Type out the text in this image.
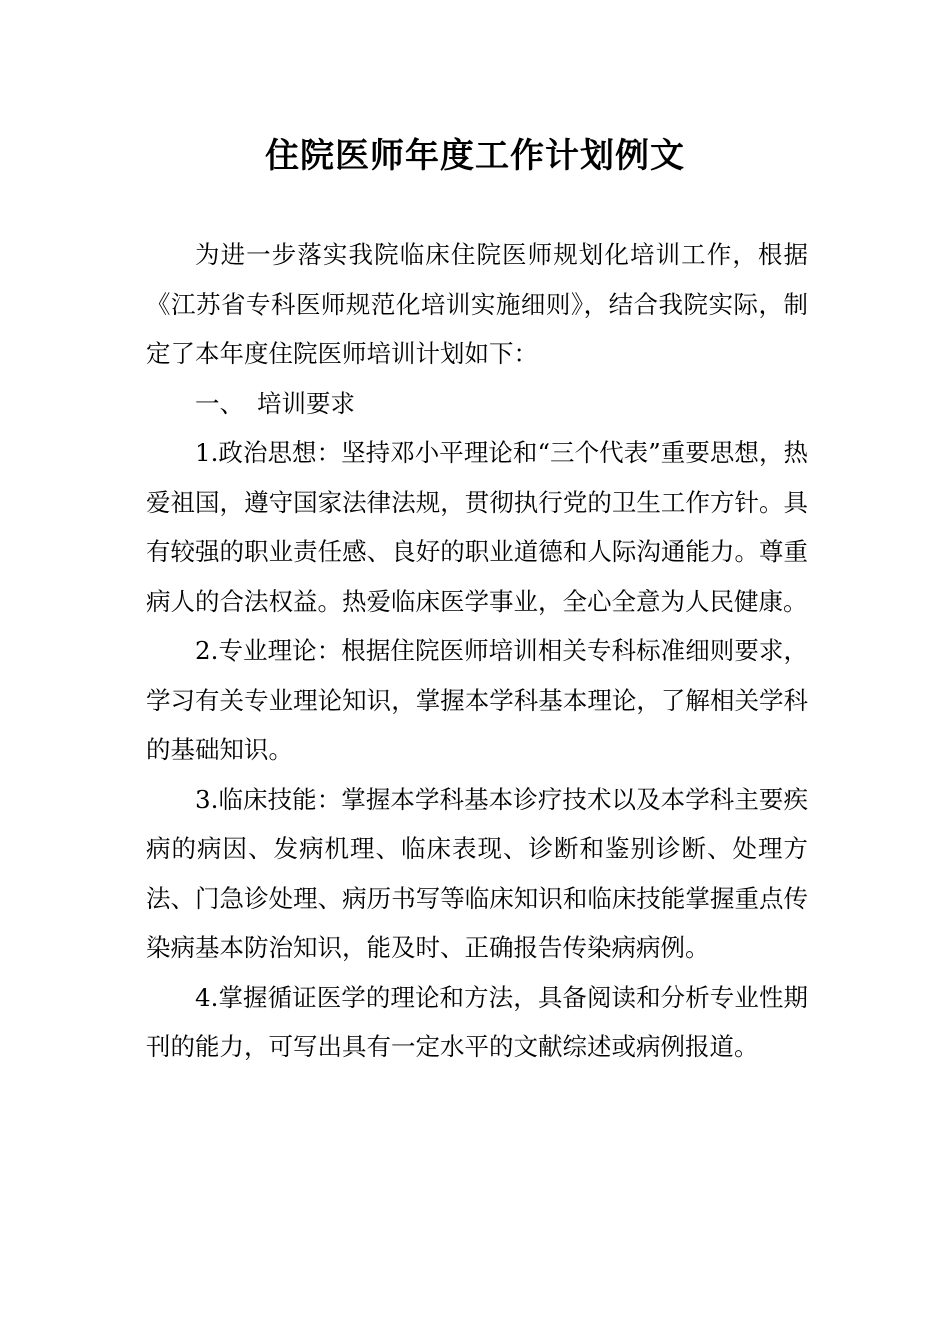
住院医师年度工作计划例文

为进一步落实我院临床住院医师规划化培训工作，根据《江苏省专科医师规范化培训实施细则》，结合我院实际，制定了本年度住院医师培训计划如下：

一、 培训要求

1.政治思想：坚持邓小平理论和“三个代表”重要思想，热爱祖国，遵守国家法律法规，贯彻执行党的卫生工作方针。具有较强的职业责任感、良好的职业道德和人际沟通能力。尊重病人的合法权益。热爱临床医学事业，全心全意为人民健康。

2.专业理论：根据住院医师培训相关专科标准细则要求，学习有关专业理论知识，掌握本学科基本理论，了解相关学科的基础知识。

3.临床技能：掌握本学科基本诊疗技术以及本学科主要疾病的病因、发病机理、临床表现、诊断和鉴别诊断、处理方法、门急诊处理、病历书写等临床知识和临床技能掌握重点传染病基本防治知识，能及时、正确报告传染病病例。

4.掌握循证医学的理论和方法，具备阅读和分析专业性期刊的能力，可写出具有一定水平的文献综述或病例报道。
